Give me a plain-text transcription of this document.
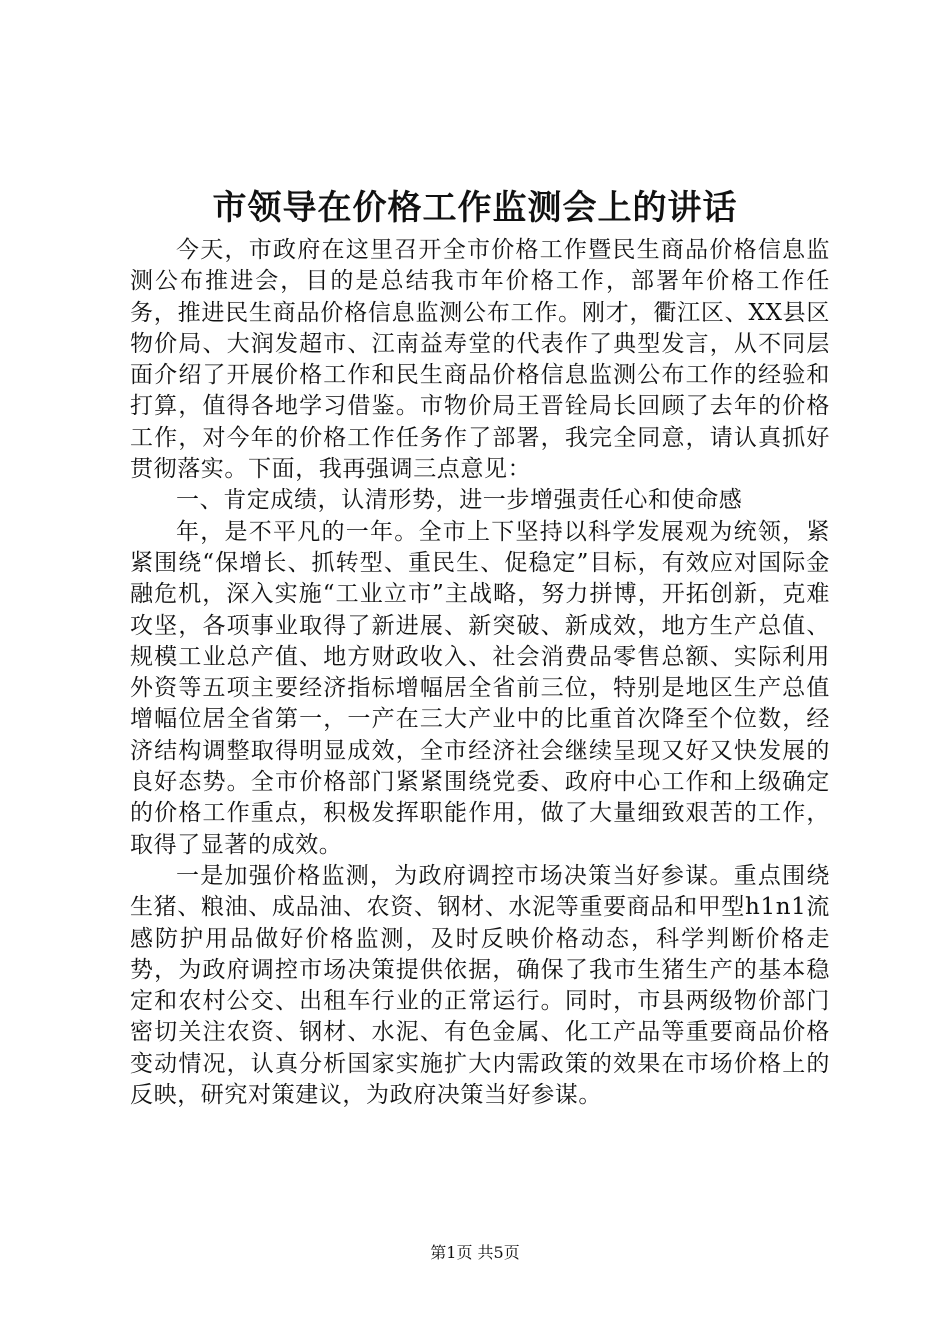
市领导在价格工作监测会上的讲话

今天，市政府在这里召开全市价格工作暨民生商品价格信息监测公布推进会，目的是总结我市年价格工作，部署年价格工作任务，推进民生商品价格信息监测公布工作。刚才，衢江区、XX县区物价局、大润发超市、江南益寿堂的代表作了典型发言，从不同层面介绍了开展价格工作和民生商品价格信息监测公布工作的经验和打算，值得各地学习借鉴。市物价局王晋铨局长回顾了去年的价格工作，对今年的价格工作任务作了部署，我完全同意，请认真抓好贯彻落实。下面，我再强调三点意见：

一、肯定成绩，认清形势，进一步增强责任心和使命感

年，是不平凡的一年。全市上下坚持以科学发展观为统领，紧紧围绕“保增长、抓转型、重民生、促稳定”目标，有效应对国际金融危机，深入实施“工业立市”主战略，努力拼博，开拓创新，克难攻坚，各项事业取得了新进展、新突破、新成效，地方生产总值、规模工业总产值、地方财政收入、社会消费品零售总额、实际利用外资等五项主要经济指标增幅居全省前三位，特别是地区生产总值增幅位居全省第一，一产在三大产业中的比重首次降至个位数，经济结构调整取得明显成效，全市经济社会继续呈现又好又快发展的良好态势。全市价格部门紧紧围绕党委、政府中心工作和上级确定的价格工作重点，积极发挥职能作用，做了大量细致艰苦的工作，取得了显著的成效。

一是加强价格监测，为政府调控市场决策当好参谋。重点围绕生猪、粮油、成品油、农资、钢材、水泥等重要商品和甲型h1n1流感防护用品做好价格监测，及时反映价格动态，科学判断价格走势，为政府调控市场决策提供依据，确保了我市生猪生产的基本稳定和农村公交、出租车行业的正常运行。同时，市县两级物价部门密切关注农资、钢材、水泥、有色金属、化工产品等重要商品价格变动情况，认真分析国家实施扩大内需政策的效果在市场价格上的反映，研究对策建议，为政府决策当好参谋。

第1页 共5页
